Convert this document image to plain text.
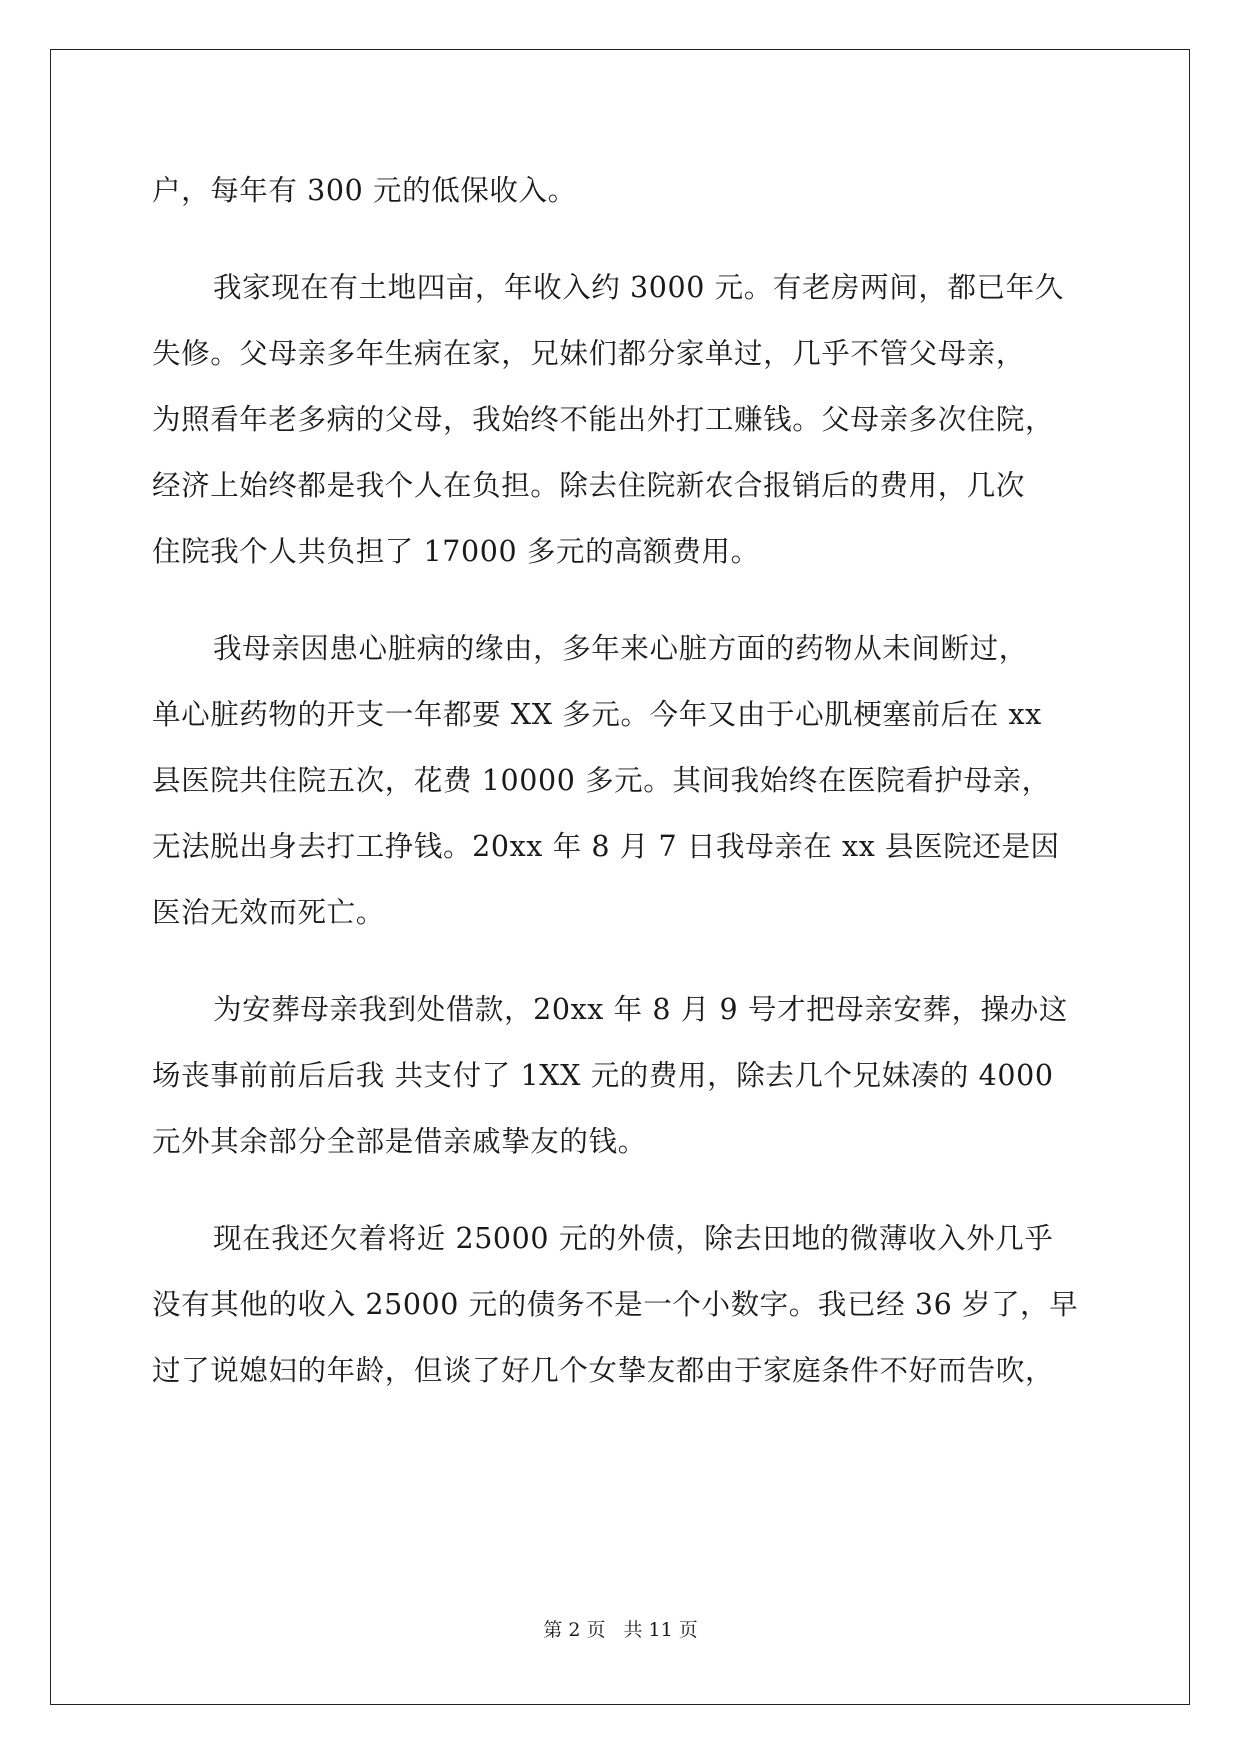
户，每年有 300 元的低保收入。
我家现在有土地四亩，年收入约 3000 元。有老房两间，都已年久
失修。父母亲多年生病在家，兄妹们都分家单过，几乎不管父母亲，
为照看年老多病的父母，我始终不能出外打工赚钱。父母亲多次住院，
经济上始终都是我个人在负担。除去住院新农合报销后的费用，几次
住院我个人共负担了 17000 多元的高额费用。
我母亲因患心脏病的缘由，多年来心脏方面的药物从未间断过，
单心脏药物的开支一年都要 XX 多元。今年又由于心肌梗塞前后在 xx
县医院共住院五次，花费 10000 多元。其间我始终在医院看护母亲，
无法脱出身去打工挣钱。20xx 年 8 月 7 日我母亲在 xx 县医院还是因
医治无效而死亡。
为安葬母亲我到处借款，20xx 年 8 月 9 号才把母亲安葬，操办这
场丧事前前后后我 共支付了 1XX 元的费用，除去几个兄妹凑的 4000
元外其余部分全部是借亲戚挚友的钱。
现在我还欠着将近 25000 元的外债，除去田地的微薄收入外几乎
没有其他的收入 25000 元的债务不是一个小数字。我已经 36 岁了，早
过了说媳妇的年龄，但谈了好几个女挚友都由于家庭条件不好而告吹，
第 2 页 共 11 页
